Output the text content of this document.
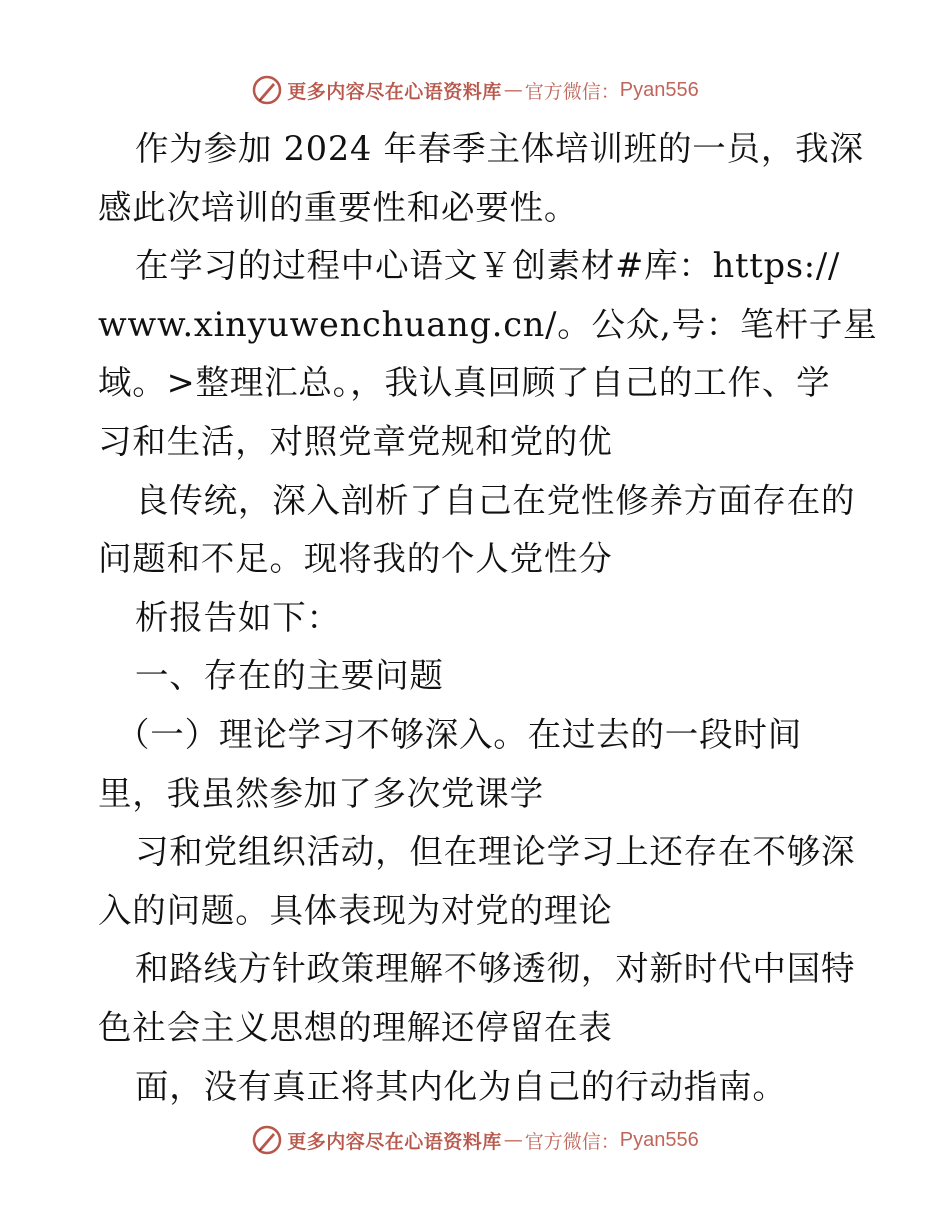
更多内容尽在心语资料库 — 官方微信： Pyan556
作为参加 2024 年春季主体培训班的一员，我深
感此次培训的重要性和必要性。
在学习的过程中心语文￥创素材#库：https://
www.xinyuwenchuang.cn/。公众,号：笔杆子星
域。>整理汇总。，我认真回顾了自己的工作、学
习和生活，对照党章党规和党的优
良传统，深入剖析了自己在党性修养方面存在的
问题和不足。现将我的个人党性分
析报告如下：
一、存在的主要问题
（一）理论学习不够深入。在过去的一段时间
里，我虽然参加了多次党课学
习和党组织活动，但在理论学习上还存在不够深
入的问题。具体表现为对党的理论
和路线方针政策理解不够透彻，对新时代中国特
色社会主义思想的理解还停留在表
面，没有真正将其内化为自己的行动指南。
更多内容尽在心语资料库 — 官方微信： Pyan556
